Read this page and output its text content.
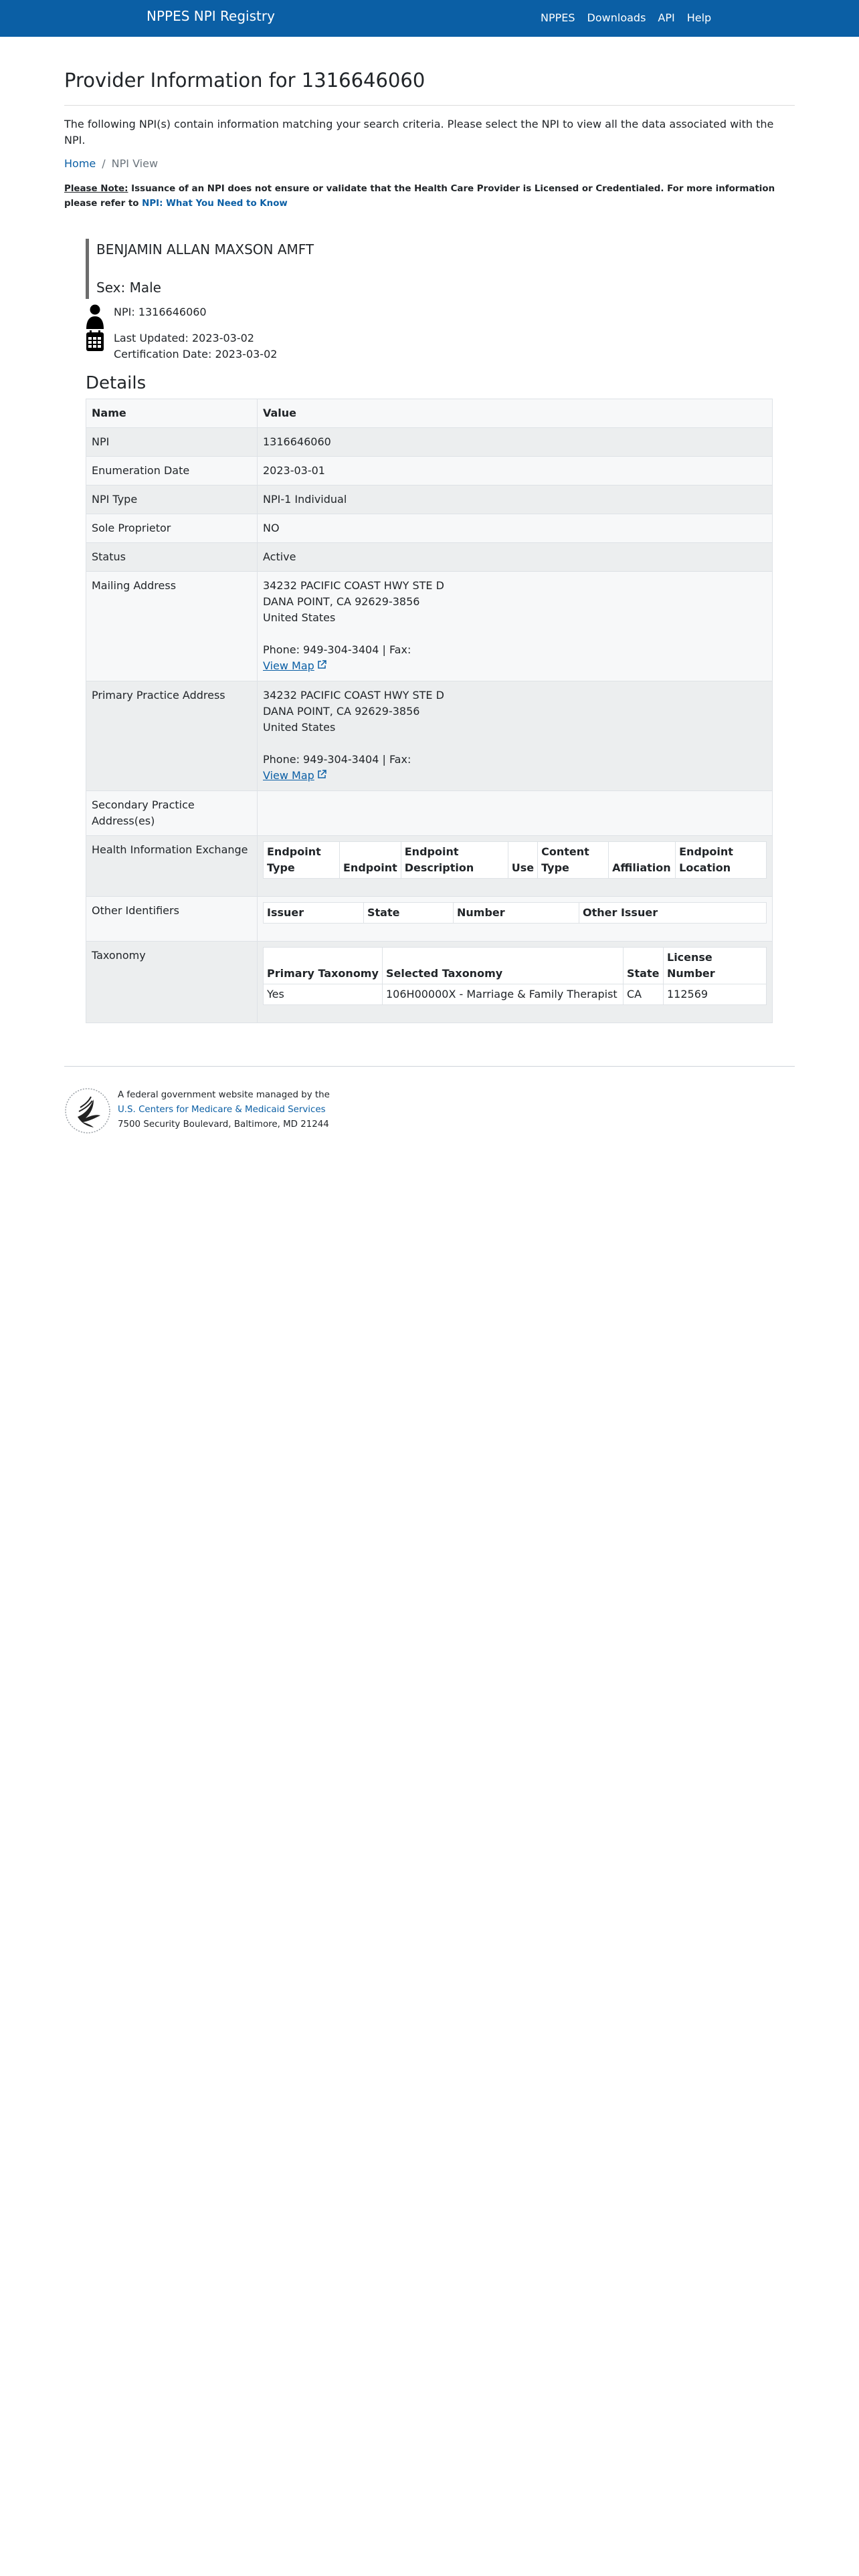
NPPES NPI Registry	NPPES Downloads API Help
Provider Information for 1316646060

The following NPI(s) contain information matching your search criteria. Please select the NPI to view all the data associated with the NPI.

Home / NPI View
Please Note: Issuance of an NPI does not ensure or validate that the Health Care Provider is Licensed or Credentialed. For more information please refer to NPI: What You Need to Know

BENJAMIN ALLAN MAXSON AMFT

Sex: Male
NPI: 1316646060
Last Updated: 2023-03-02
Certification Date: 2023-03-02
Details
Name	Value
NPI	1316646060
Enumeration Date	2023-03-01
NPI Type	NPI-1 Individual
Sole Proprietor	NO
Status	Active
Mailing Address	34232 PACIFIC COAST HWY STE D
DANA POINT, CA 92629-3856
United States
Phone: 949-304-3404 | Fax:
View Map

Primary Practice Address	34232 PACIFIC COAST HWY STE D
DANA POINT, CA 92629-3856
United States
Phone: 949-304-3404 | Fax:
View Map

Secondary Practice Address(es)	
Health Information Exchange	Endpoint Type	Endpoint	Endpoint Description	Use	Content Type	Affiliation	Endpoint Location

Other Identifiers		Issuer	State	Number	Other Issuer

Taxonomy	
Primary Taxonomy	Selected Taxonomy	State	License Number
Yes	106H00000X - Marriage & Family Therapist	CA	112569
A federal government website managed by the
U.S. Centers for Medicare & Medicaid Services
7500 Security Boulevard, Baltimore, MD 21244
